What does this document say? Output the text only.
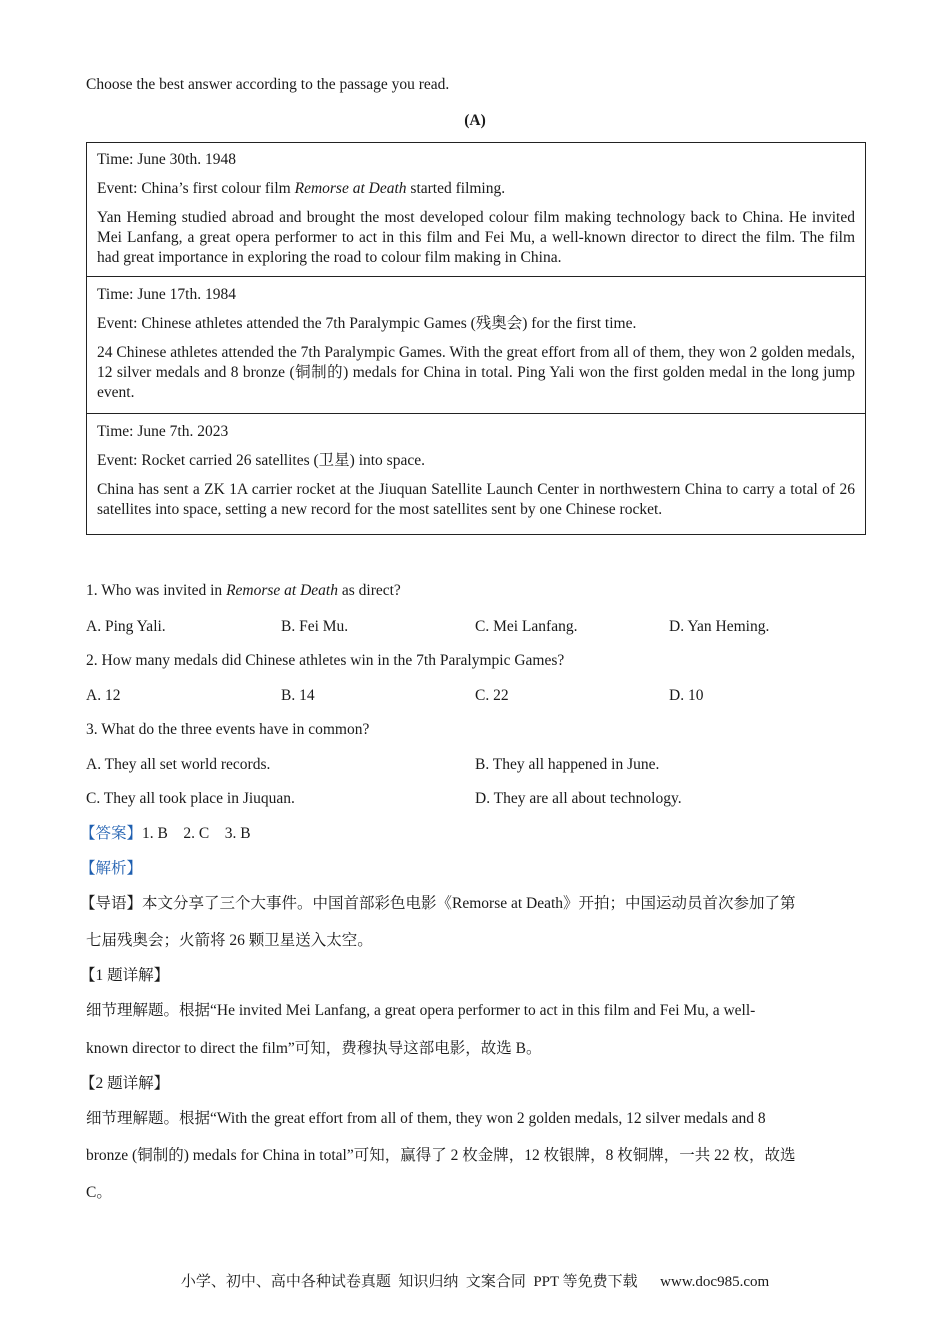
Choose the best answer according to the passage you read.
(A)

Time: June 30th. 1948

Event: China’s first colour film Remorse at Death started filming.

Yan Heming studied abroad and brought the most developed colour film making technology back to China. He invited Mei Lanfang, a great opera performer to act in this film and Fei Mu, a well-known director to direct the film. The film had great importance in exploring the road to colour film making in China.

Time: June 17th. 1984

Event: Chinese athletes attended the 7th Paralympic Games (残奥会) for the first time.

24 Chinese athletes attended the 7th Paralympic Games. With the great effort from all of them, they won 2 golden medals, 12 silver medals and 8 bronze (铜制的) medals for China in total. Ping Yali won the first golden medal in the long jump event.

Time: June 7th. 2023

Event: Rocket carried 26 satellites (卫星) into space.

China has sent a ZK 1A carrier rocket at the Jiuquan Satellite Launch Center in northwestern China to carry a total of 26 satellites into space, setting a new record for the most satellites sent by one Chinese rocket.

1. Who was invited in Remorse at Death as direct?
A. Ping Yali.	B. Fei Mu.	C. Mei Lanfang.	D. Yan Heming.
2. How many medals did Chinese athletes win in the 7th Paralympic Games?
A. 12	B. 14	C. 22	D. 10
3. What do the three events have in common?
A. They all set world records.	B. They all happened in June.
C. They all took place in Jiuquan.	D. They are all about technology.
【答案】1. B    2. C    3. B
【解析】
【导语】本文分享了三个大事件。中国首部彩色电影《Remorse at Death》开拍；中国运动员首次参加了第
七届残奥会；火箭将 26 颗卫星送入太空。
【1 题详解】
细节理解题。根据“He invited Mei Lanfang, a great opera performer to act in this film and Fei Mu, a well-
known director to direct the film”可知，费穆执导这部电影，故选 B。
【2 题详解】
细节理解题。根据“With the great effort from all of them, they won 2 golden medals, 12 silver medals and 8
bronze (铜制的) medals for China in total”可知，赢得了 2 枚金牌，12 枚银牌，8 枚铜牌，一共 22 枚，故选
C。
小学、初中、高中各种试卷真题  知识归纳  文案合同  PPT 等免费下载      www.doc985.com
